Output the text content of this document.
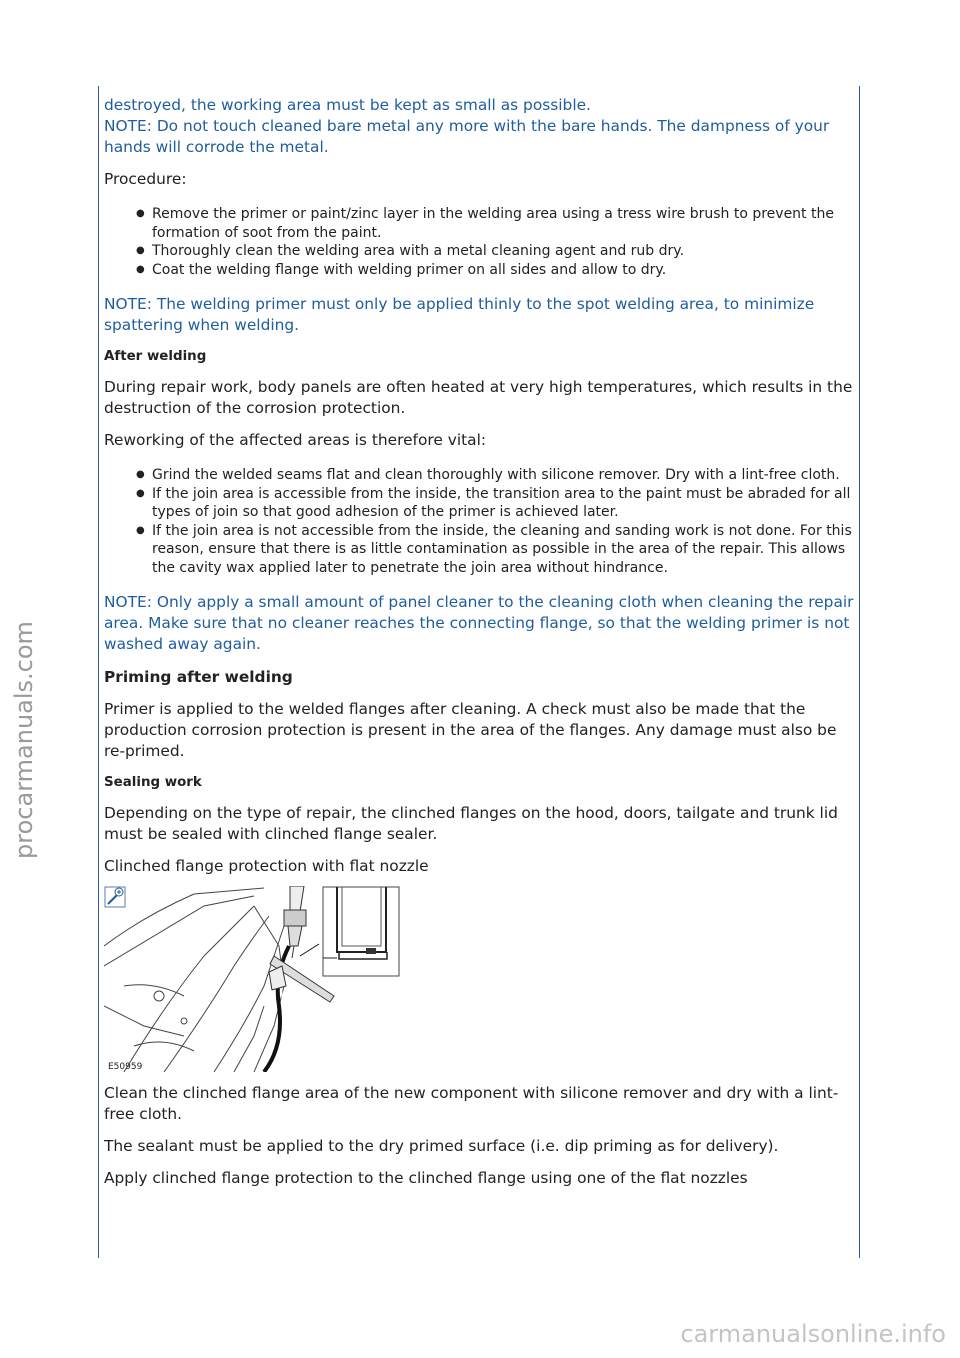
destroyed, the working area must be kept as small as possible.

NOTE: Do not touch cleaned bare metal any more with the bare hands. The dampness of your hands will corrode the metal.

Procedure:

● Remove the primer or paint/zinc layer in the welding area using a tress wire brush to prevent the formation of soot from the paint.
● Thoroughly clean the welding area with a metal cleaning agent and rub dry.
● Coat the welding flange with welding primer on all sides and allow to dry.

NOTE: The welding primer must only be applied thinly to the spot welding area, to minimize spattering when welding.

After welding

During repair work, body panels are often heated at very high temperatures, which results in the destruction of the corrosion protection.

Reworking of the affected areas is therefore vital:

● Grind the welded seams flat and clean thoroughly with silicone remover. Dry with a lint-free cloth.
● If the join area is accessible from the inside, the transition area to the paint must be abraded for all types of join so that good adhesion of the primer is achieved later.
● If the join area is not accessible from the inside, the cleaning and sanding work is not done. For this reason, ensure that there is as little contamination as possible in the area of the repair. This allows the cavity wax applied later to penetrate the join area without hindrance.

NOTE: Only apply a small amount of panel cleaner to the cleaning cloth when cleaning the repair area. Make sure that no cleaner reaches the connecting flange, so that the welding primer is not washed away again.

Priming after welding

Primer is applied to the welded flanges after cleaning. A check must also be made that the production corrosion protection is present in the area of the flanges. Any damage must also be re-primed.

Sealing work

Depending on the type of repair, the clinched flanges on the hood, doors, tailgate and trunk lid must be sealed with clinched flange sealer.

Clinched flange protection with flat nozzle

E50959

Clean the clinched flange area of the new component with silicone remover and dry with a lint-free cloth.

The sealant must be applied to the dry primed surface (i.e. dip priming as for delivery).

Apply clinched flange protection to the clinched flange using one of the flat nozzles

procarmanuals.com
carmanualsonline.info
